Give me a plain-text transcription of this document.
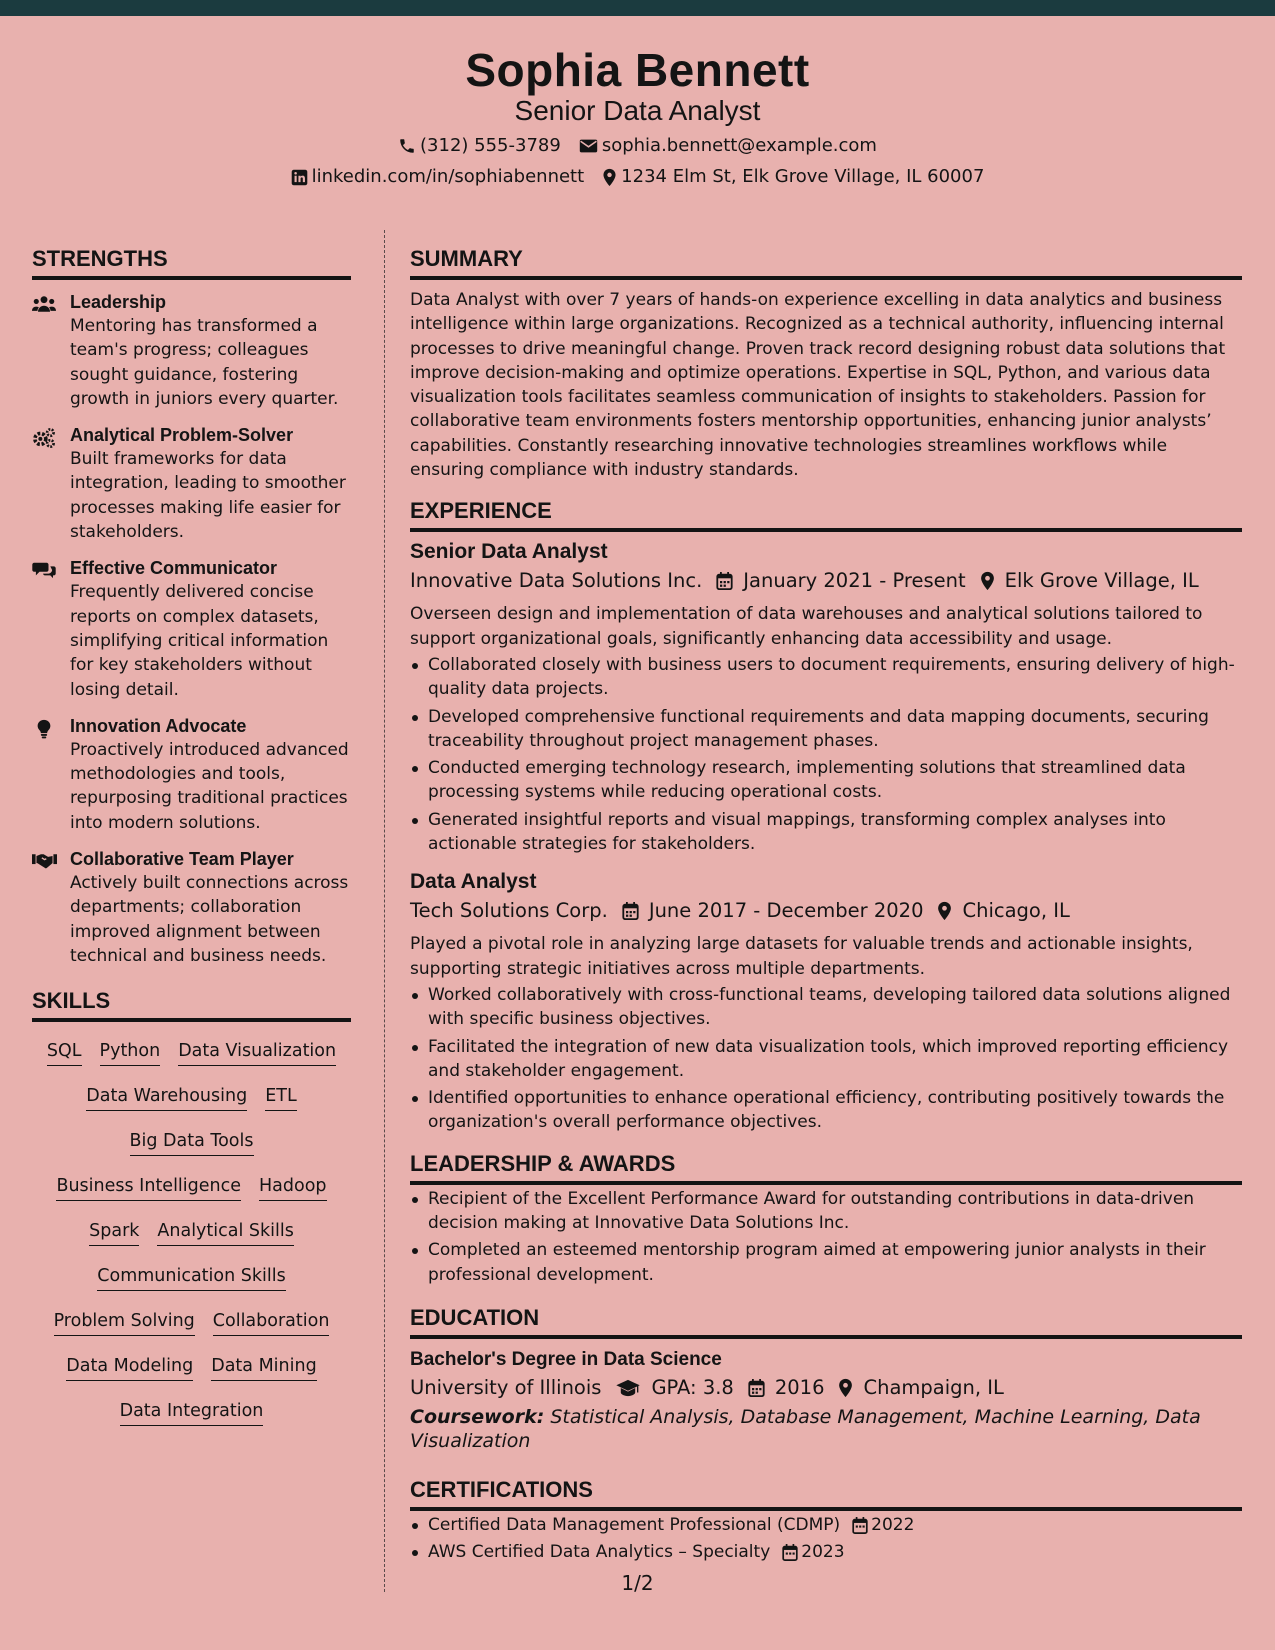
Sophia Bennett
Senior Data Analyst
(312) 555-3789 sophia.bennett@example.com
linkedin.com/in/sophiabennett 1234 Elm St, Elk Grove Village, IL 60007
STRENGTHS
Leadership
Mentoring has transformed a team's progress; colleagues sought guidance, fostering growth in juniors every quarter.
Analytical Problem-Solver
Built frameworks for data integration, leading to smoother processes making life easier for stakeholders.
Effective Communicator
Frequently delivered concise reports on complex datasets, simplifying critical information for key stakeholders without losing detail.
Innovation Advocate
Proactively introduced advanced methodologies and tools, repurposing traditional practices into modern solutions.
Collaborative Team Player
Actively built connections across departments; collaboration improved alignment between technical and business needs.
SKILLS
SQL Python Data Visualization
Data Warehousing ETL
Big Data Tools
Business Intelligence Hadoop
Spark Analytical Skills
Communication Skills
Problem Solving Collaboration
Data Modeling Data Mining
Data Integration
SUMMARY
Data Analyst with over 7 years of hands-on experience excelling in data analytics and business intelligence within large organizations. Recognized as a technical authority, influencing internal processes to drive meaningful change. Proven track record designing robust data solutions that improve decision-making and optimize operations. Expertise in SQL, Python, and various data visualization tools facilitates seamless communication of insights to stakeholders. Passion for collaborative team environments fosters mentorship opportunities, enhancing junior analysts’ capabilities. Constantly researching innovative technologies streamlines workflows while ensuring compliance with industry standards.
EXPERIENCE
Senior Data Analyst
Innovative Data Solutions Inc. January 2021 - Present Elk Grove Village, IL
Overseen design and implementation of data warehouses and analytical solutions tailored to support organizational goals, significantly enhancing data accessibility and usage.
Collaborated closely with business users to document requirements, ensuring delivery of high-quality data projects.
Developed comprehensive functional requirements and data mapping documents, securing traceability throughout project management phases.
Conducted emerging technology research, implementing solutions that streamlined data processing systems while reducing operational costs.
Generated insightful reports and visual mappings, transforming complex analyses into actionable strategies for stakeholders.
Data Analyst
Tech Solutions Corp. June 2017 - December 2020 Chicago, IL
Played a pivotal role in analyzing large datasets for valuable trends and actionable insights, supporting strategic initiatives across multiple departments.
Worked collaboratively with cross-functional teams, developing tailored data solutions aligned with specific business objectives.
Facilitated the integration of new data visualization tools, which improved reporting efficiency and stakeholder engagement.
Identified opportunities to enhance operational efficiency, contributing positively towards the organization's overall performance objectives.
LEADERSHIP & AWARDS
Recipient of the Excellent Performance Award for outstanding contributions in data-driven decision making at Innovative Data Solutions Inc.
Completed an esteemed mentorship program aimed at empowering junior analysts in their professional development.
EDUCATION
Bachelor's Degree in Data Science
University of Illinois	GPA: 3.8 2016 Champaign, IL
Coursework: Statistical Analysis, Database Management, Machine Learning, Data Visualization
CERTIFICATIONS
Certified Data Management Professional (CDMP) 2022
AWS Certified Data Analytics – Specialty 2023
1/2
